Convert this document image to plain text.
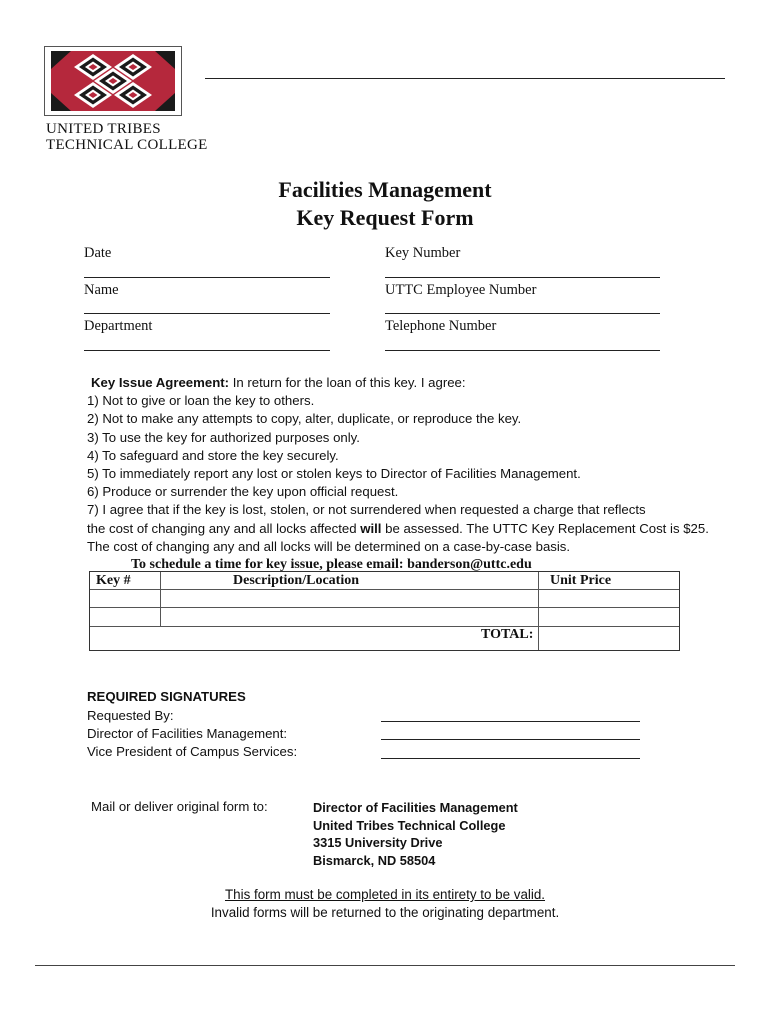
UNITED TRIBES
TECHNICAL COLLEGE
Facilities Management
Key Request Form
Date	Key Number
Name	UTTC Employee Number
Department	Telephone Number
Key Issue Agreement: In return for the loan of this key. I agree:
1) Not to give or loan the key to others.
2) Not to make any attempts to copy, alter, duplicate, or reproduce the key.
3) To use the key for authorized purposes only.
4) To safeguard and store the key securely.
5) To immediately report any lost or stolen keys to Director of Facilities Management.
6) Produce or surrender the key upon official request.
7) I agree that if the key is lost, stolen, or not surrendered when requested a charge that reflects
the cost of changing any and all locks affected will be assessed. The UTTC Key Replacement Cost is $25.
The cost of changing any and all locks will be determined on a case-by-case basis.
To schedule a time for key issue, please email: banderson@uttc.edu
Key #	Description/Location	Unit Price
TOTAL:
REQUIRED SIGNATURES
Requested By:
Director of Facilities Management:
Vice President of Campus Services:
Mail or deliver original form to:	Director of Facilities Management
United Tribes Technical College
3315 University Drive
Bismarck, ND 58504
This form must be completed in its entirety to be valid.
Invalid forms will be returned to the originating department.
